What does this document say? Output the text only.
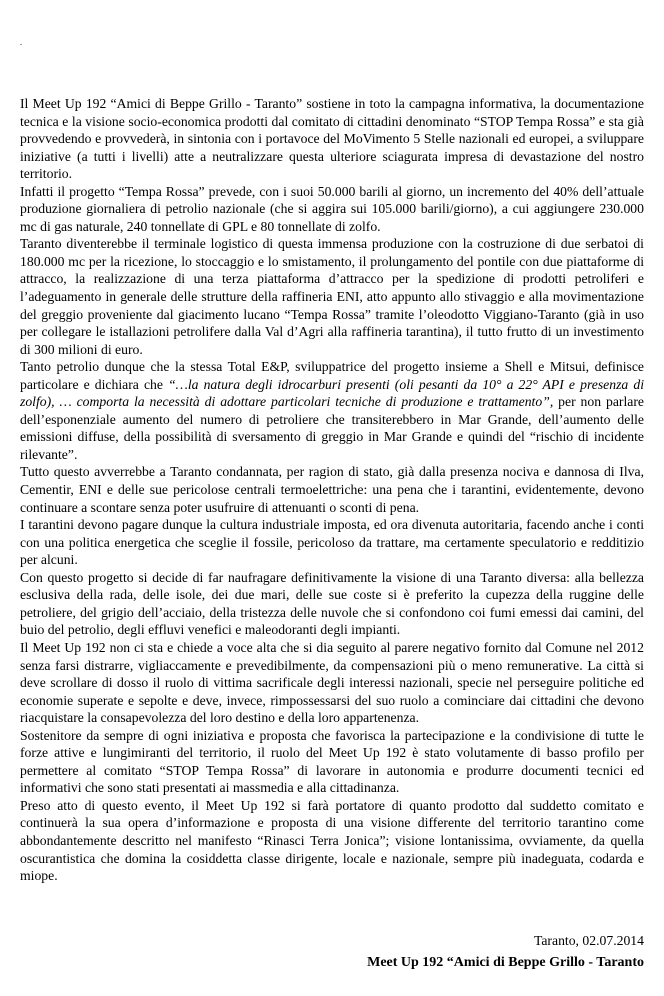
Il Meet Up 192 “Amici di Beppe Grillo - Taranto” sostiene in toto la campagna informativa, la documentazione tecnica e la visione socio-economica prodotti dal comitato di cittadini denominato “STOP Tempa Rossa” e sta già provvedendo e provvederà, in sintonia con i portavoce del MoVimento 5 Stelle nazionali ed europei, a sviluppare iniziative (a tutti i livelli) atte a neutralizzare questa ulteriore sciagurata impresa di devastazione del nostro territorio.

Infatti il progetto “Tempa Rossa” prevede, con i suoi 50.000 barili al giorno, un incremento del 40% dell’attuale produzione giornaliera di petrolio nazionale (che si aggira sui 105.000 barili/giorno), a cui aggiungere 230.000 mc di gas naturale, 240 tonnellate di GPL e 80 tonnellate di zolfo.

Taranto diventerebbe il terminale logistico di questa immensa produzione con la costruzione di due serbatoi di 180.000 mc per la ricezione, lo stoccaggio e lo smistamento, il prolungamento del pontile con due piattaforme di attracco, la realizzazione di una terza piattaforma d’attracco per la spedizione di prodotti petroliferi e l’adeguamento in generale delle strutture della raffineria ENI, atto appunto allo stivaggio e alla movimentazione del greggio proveniente dal giacimento lucano “Tempa Rossa” tramite l’oleodotto Viggiano-Taranto (già in uso per collegare le istallazioni petrolifere dalla Val d’Agri alla raffineria tarantina), il tutto frutto di un investimento di 300 milioni di euro.

Tanto petrolio dunque che la stessa Total E&P, sviluppatrice del progetto insieme a Shell e Mitsui, definisce particolare e dichiara che “…la natura degli idrocarburi presenti (oli pesanti da 10° a 22° API e presenza di zolfo), … comporta la necessità di adottare particolari tecniche di produzione e trattamento”, per non parlare dell’esponenziale aumento del numero di petroliere che transiterebbero in Mar Grande, dell’aumento delle emissioni diffuse, della possibilità di sversamento di greggio in Mar Grande e quindi del “rischio di incidente rilevante”.

Tutto questo avverrebbe a Taranto condannata, per ragion di stato, già dalla presenza nociva e dannosa di Ilva, Cementir, ENI e delle sue pericolose centrali termoelettriche: una pena che i tarantini, evidentemente, devono continuare a scontare senza poter usufruire di attenuanti o sconti di pena.

I tarantini devono pagare dunque la cultura industriale imposta, ed ora divenuta autoritaria, facendo anche i conti con una politica energetica che sceglie il fossile, pericoloso da trattare, ma certamente speculatorio e redditizio per alcuni.

Con questo progetto si decide di far naufragare definitivamente la visione di una Taranto diversa: alla bellezza esclusiva della rada, delle isole, dei due mari, delle sue coste si è preferito la cupezza della ruggine delle petroliere, del grigio dell’acciaio, della tristezza delle nuvole che si confondono coi fumi emessi dai camini, del buio del petrolio, degli effluvi venefici e maleodoranti degli impianti.

Il Meet Up 192 non ci sta e chiede a voce alta che si dia seguito al parere negativo fornito dal Comune nel 2012 senza farsi distrarre, vigliaccamente e prevedibilmente, da compensazioni più o meno remunerative. La città si deve scrollare di dosso il ruolo di vittima sacrificale degli interessi nazionali, specie nel perseguire politiche ed economie superate e sepolte e deve, invece, rimpossessarsi del suo ruolo a cominciare dai cittadini che devono riacquistare la consapevolezza del loro destino e della loro appartenenza.

Sostenitore da sempre di ogni iniziativa e proposta che favorisca la partecipazione e la condivisione di tutte le forze attive e lungimiranti del territorio, il ruolo del Meet Up 192 è stato volutamente di basso profilo per permettere al comitato “STOP Tempa Rossa” di lavorare in autonomia e produrre documenti tecnici ed informativi che sono stati presentati ai massmedia e alla cittadinanza.

Preso atto di questo evento, il Meet Up 192 si farà portatore di quanto prodotto dal suddetto comitato e continuerà la sua opera d’informazione e proposta di una visione differente del territorio tarantino come abbondantemente descritto nel manifesto “Rinasci Terra Jonica”; visione lontanissima, ovviamente, da quella oscurantistica che domina la cosiddetta classe dirigente, locale e nazionale, sempre più inadeguata, codarda e miope.

Taranto, 02.07.2014
Meet Up 192 “Amici di Beppe Grillo - Taranto
